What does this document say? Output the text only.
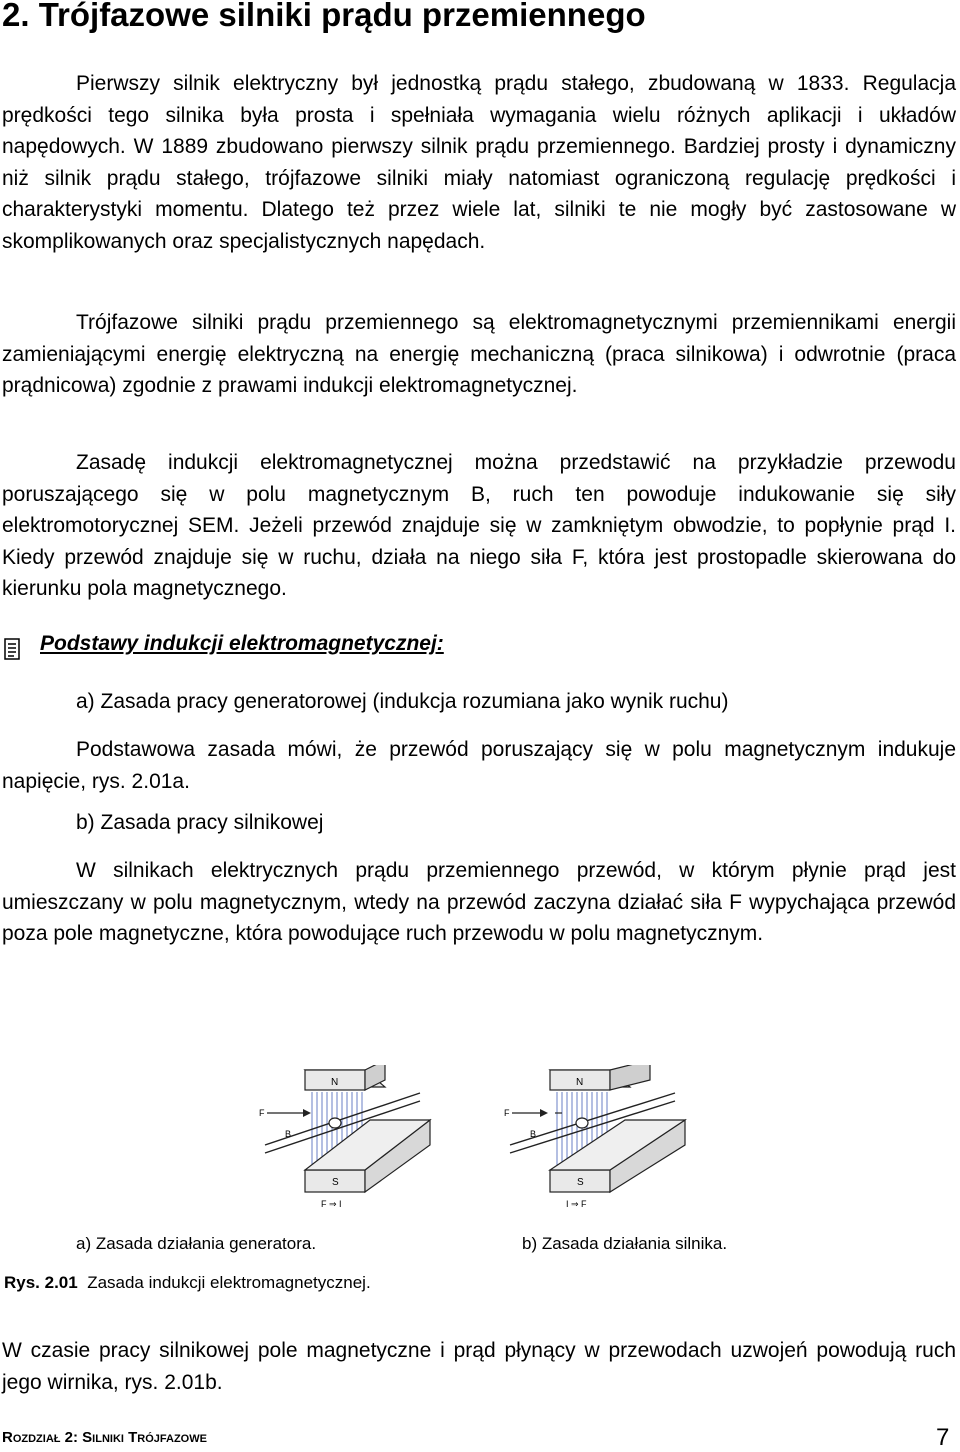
2. Trójfazowe silniki prądu przemiennego
Pierwszy silnik elektryczny był jednostką prądu stałego, zbudowaną w 1833. Regulacja prędkości tego silnika była prosta i spełniała wymagania wielu różnych aplikacji i układów napędowych. W 1889 zbudowano pierwszy silnik prądu przemiennego. Bardziej prosty i dynamiczny niż silnik prądu stałego, trójfazowe silniki miały natomiast ograniczoną regulację prędkości i charakterystyki momentu. Dlatego też przez wiele lat, silniki te nie mogły być zastosowane w skomplikowanych oraz specjalistycznych napędach.
Trójfazowe silniki prądu przemiennego są elektromagnetycznymi przemiennikami energii zamieniającymi energię elektryczną na energię mechaniczną (praca silnikowa) i odwrotnie (praca prądnicowa) zgodnie z prawami indukcji elektromagnetycznej.
Zasadę indukcji elektromagnetycznej można przedstawić na przykładzie przewodu poruszającego się w polu magnetycznym B, ruch ten powoduje indukowanie się siły elektromotorycznej SEM. Jeżeli przewód znajduje się w zamkniętym obwodzie, to popłynie prąd I. Kiedy przewód znajduje się w ruchu, działa na niego siła F, która jest prostopadle skierowana do kierunku pola magnetycznego.
Podstawy indukcji elektromagnetycznej:
a) Zasada pracy generatorowej (indukcja rozumiana jako wynik ruchu)
Podstawowa zasada mówi, że przewód poruszający się w polu magnetycznym indukuje napięcie, rys. 2.01a.
b) Zasada pracy silnikowej
W silnikach elektrycznych prądu przemiennego przewód, w którym płynie prąd jest umieszczany w polu magnetycznym, wtedy na przewód zaczyna działać siła F wypychająca przewód poza pole magnetyczne, która powodujące ruch przewodu w polu magnetycznym.
N
F
B
S
F ⇒ I
N
F
B
S
I ⇒ F
a) Zasada działania generatora.	b) Zasada działania silnika.
Rys. 2.01 Zasada indukcji elektromagnetycznej.
W czasie pracy silnikowej pole magnetyczne i prąd płynący w przewodach uzwojeń powodują ruch jego wirnika, rys. 2.01b.
Rozdział 2: Silniki Trójfazowe	7
